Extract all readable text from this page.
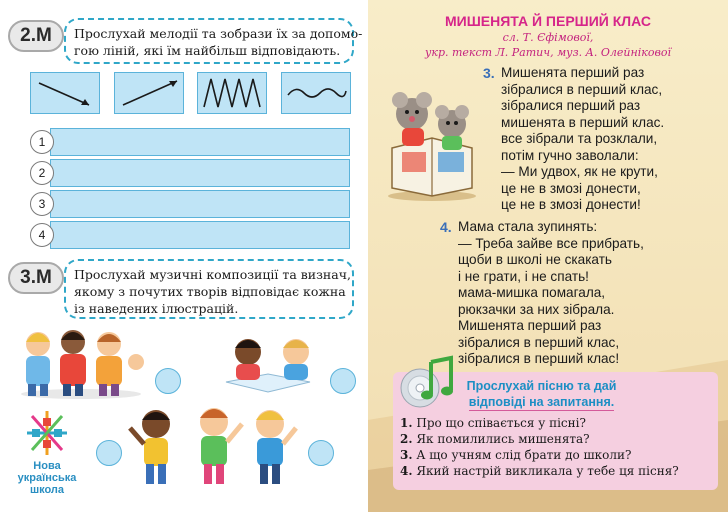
2.М	Прослухай мелодії та зобрази їх за допомо-
гою ліній, які їм найбільш відповідають.
1
2
3
4
3.М	Прослухай музичні композиції та визнач,
якому з почутих творів відповідає кожна
із наведених ілюстрацій.
Нова
українська
школа
МИШЕНЯТА Й ПЕРШИЙ КЛАС
сл. Т. Єфімової,
укр. текст Л. Ратич, муз. А. Олейнікової
3. Мишенята перший раз
зібралися в перший клас,
зібралися перший раз
мишенята в перший клас.
все зібрали та розклали,
потім гучно заволали:
— Ми удвох, як не крути,
це не в змозі донести,
це не в змозі донести!
4. Мама стала зупинять:
— Треба зайве все прибрать,
щоби в школі не скакать
і не грати, і не спать!
мама-мишка помагала,
рюкзачки за них зібрала.
Мишенята перший раз
зібралися в перший клас,
зібралися в перший клас!
Прослухай пісню та дай
відповіді на запитання.
1. Про що співається у пісні?
2. Як помилились мишенята?
3. А що учням слід брати до школи?
4. Який настрій викликала у тебе ця пісня?
